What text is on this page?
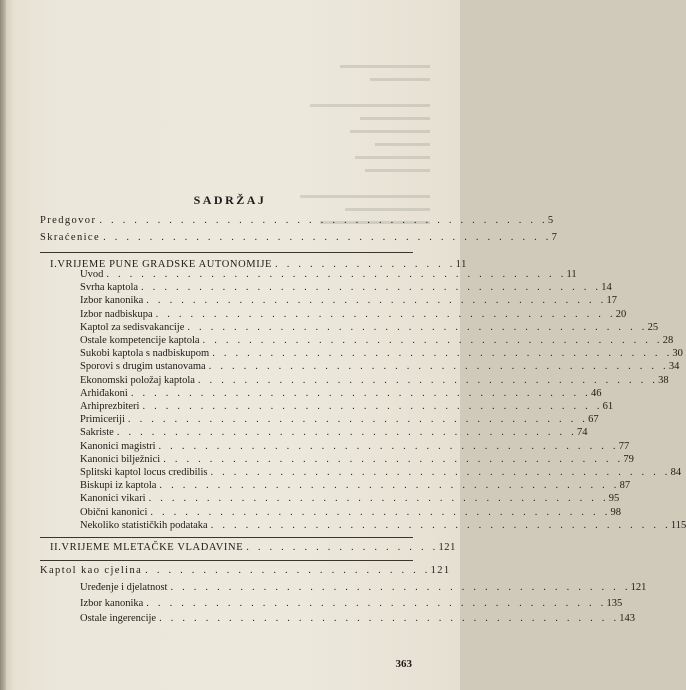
SADRŽAJ
Predgovor . . . . . . . . . . . . . . . . . . . . . . . . . . . . . . . . . . . . . . . 5
Skraćenice . . . . . . . . . . . . . . . . . . . . . . . . . . . . . . . . . . . . . . . 7
I. VRIJEME PUNE GRADSKE AUTONOMIJE . . . . . . . . . . . . . . . . 11
Uvod . . . . . . . . . . . . . . . . . . . . . . . . . . . . . . . . . . . . . . . . 11
Svrha kaptola . . . . . . . . . . . . . . . . . . . . . . . . . . . . . . . . . . . . . . . . 14
Izbor kanonika . . . . . . . . . . . . . . . . . . . . . . . . . . . . . . . . . . . . . . . . 17
Izbor nadbiskupa . . . . . . . . . . . . . . . . . . . . . . . . . . . . . . . . . . . . . . . . 20
Kaptol za sedisvakancije . . . . . . . . . . . . . . . . . . . . . . . . . . . . . . . . . . . . . . . . 25
Ostale kompetencije kaptola . . . . . . . . . . . . . . . . . . . . . . . . . . . . . . . . . . . . . . . . 28
Sukobi kaptola s nadbiskupom . . . . . . . . . . . . . . . . . . . . . . . . . . . . . . . . . . . . . . . . 30
Sporovi s drugim ustanovama . . . . . . . . . . . . . . . . . . . . . . . . . . . . . . . . . . . . . . . . 34
Ekonomski položaj kaptola . . . . . . . . . . . . . . . . . . . . . . . . . . . . . . . . . . . . . . . . 38
Arhiđakoni . . . . . . . . . . . . . . . . . . . . . . . . . . . . . . . . . . . . . . . . 46
Arhiprezbiteri . . . . . . . . . . . . . . . . . . . . . . . . . . . . . . . . . . . . . . . . 61
Primiceriji . . . . . . . . . . . . . . . . . . . . . . . . . . . . . . . . . . . . . . . . 67
Sakriste . . . . . . . . . . . . . . . . . . . . . . . . . . . . . . . . . . . . . . . . 74
Kanonici magistri . . . . . . . . . . . . . . . . . . . . . . . . . . . . . . . . . . . . . . . . 77
Kanonici bilježnici . . . . . . . . . . . . . . . . . . . . . . . . . . . . . . . . . . . . . . . . 79
Splitski kaptol locus credibilis . . . . . . . . . . . . . . . . . . . . . . . . . . . . . . . . . . . . . . . . 84
Biskupi iz kaptola . . . . . . . . . . . . . . . . . . . . . . . . . . . . . . . . . . . . . . . . 87
Kanonici vikari . . . . . . . . . . . . . . . . . . . . . . . . . . . . . . . . . . . . . . . . 95
Obični kanonici . . . . . . . . . . . . . . . . . . . . . . . . . . . . . . . . . . . . . . . . 98
Nekoliko statističkih podataka . . . . . . . . . . . . . . . . . . . . . . . . . . . . . . . . . . . . . . . . 115
II. VRIJEME MLETAČKE VLADAVINE . . . . . . . . . . . . . . . . . 121
Kaptol kao cjelina . . . . . . . . . . . . . . . . . . . . . . . . . 121
Uređenje i djelatnost . . . . . . . . . . . . . . . . . . . . . . . . . . . . . . . . . . . . . . . . 121
Izbor kanonika . . . . . . . . . . . . . . . . . . . . . . . . . . . . . . . . . . . . . . . . 135
Ostale ingerencije . . . . . . . . . . . . . . . . . . . . . . . . . . . . . . . . . . . . . . . . 143
363
